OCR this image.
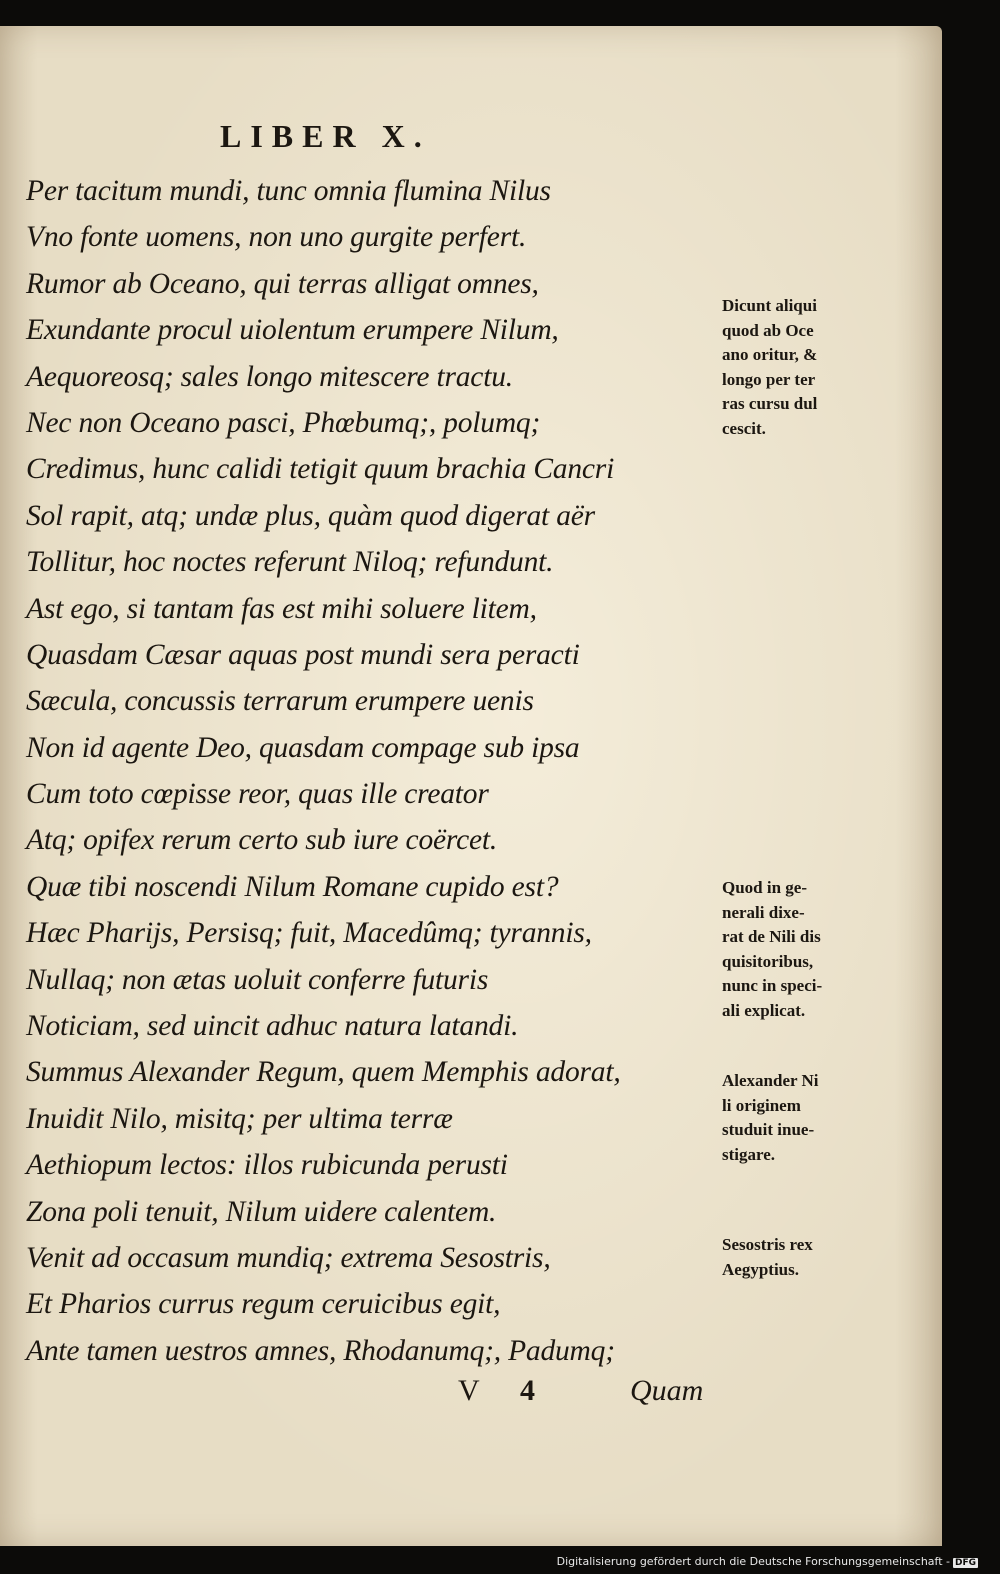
LIBER X.
Per tacitum mundi, tunc omnia flumina Nilus
Vno fonte uomens, non uno gurgite perfert.
Rumor ab Oceano, qui terras alligat omnes,
Exundante procul uiolentum erumpere Nilum,
Aequoreosq; sales longo mitescere tractu.
Nec non Oceano pasci, Phœbumq;, polumq;
Credimus, hunc calidi tetigit quum brachia Cancri
Sol rapit, atq; undæ plus, quàm quod digerat aër
Tollitur, hoc noctes referunt Niloq; refundunt.
Ast ego, si tantam fas est mihi soluere litem,
Quasdam Cæsar aquas post mundi sera peracti
Sæcula, concussis terrarum erumpere uenis
Non id agente Deo, quasdam compage sub ipsa
Cum toto cœpisse reor, quas ille creator
Atq; opifex rerum certo sub iure coërcet.
Quæ tibi noscendi Nilum Romane cupido est?
Hæc Pharijs, Persisq; fuit, Macedûmq; tyrannis,
Nullaq; non ætas uoluit conferre futuris
Noticiam, sed uincit adhuc natura latandi.
Summus Alexander Regum, quem Memphis adorat,
Inuidit Nilo, misitq; per ultima terræ
Aethiopum lectos: illos rubicunda perusti
Zona poli tenuit, Nilum uidere calentem.
Venit ad occasum mundiq; extrema Sesostris,
Et Pharios currus regum ceruicibus egit,
Ante tamen uestros amnes, Rhodanumq;, Padumq;
Dicunt aliqui
quod ab Oce
ano oritur, &
longo per ter
ras cursu dul
cescit.
Quod in ge-
nerali dixe-
rat de Nili dis
quisitoribus,
nunc in speci-
ali explicat.
Alexander Ni
li originem
studuit inue-
stigare.
Sesostris rex
Aegyptius.
V 4	Quam
Digitalisierung gefördert durch die Deutsche Forschungsgemeinschaft - DFG
